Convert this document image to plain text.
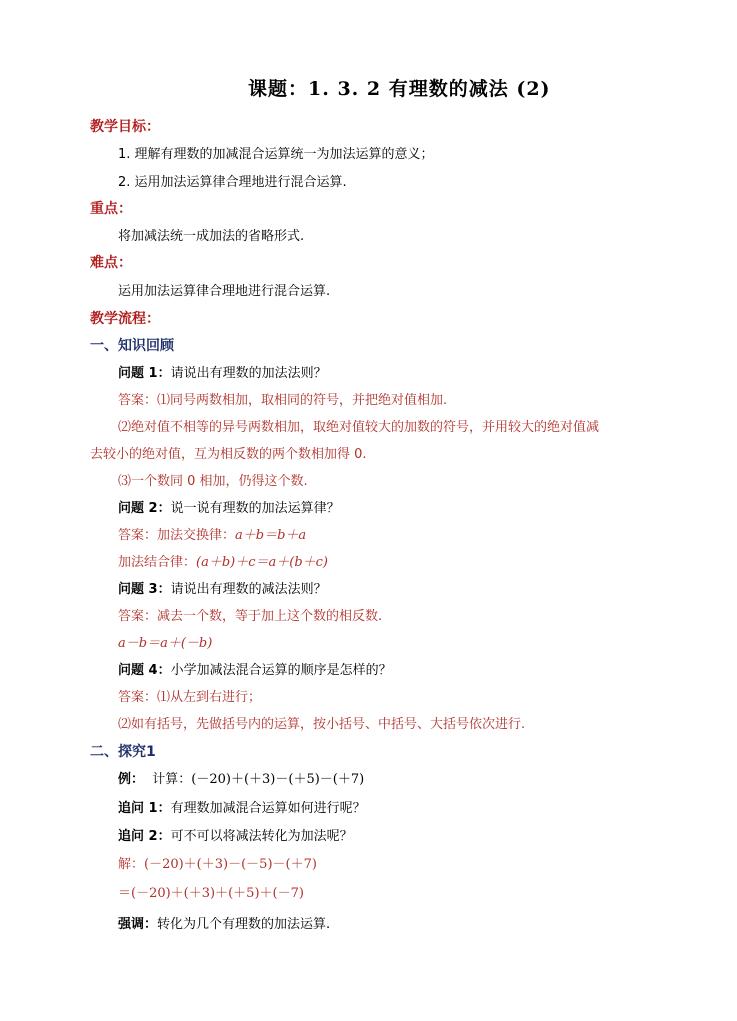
课题：1. 3. 2 有理数的减法 (2)
教学目标：
1. 理解有理数的加减混合运算统一为加法运算的意义；
2. 运用加法运算律合理地进行混合运算.
重点：
将加减法统一成加法的省略形式.
难点：
运用加法运算律合理地进行混合运算.
教学流程：
一、知识回顾
问题 1：请说出有理数的加法法则？
答案：⑴同号两数相加，取相同的符号，并把绝对值相加.
⑵绝对值不相等的异号两数相加，取绝对值较大的加数的符号，并用较大的绝对值减
去较小的绝对值，互为相反数的两个数相加得 0.
⑶一个数同 0 相加，仍得这个数.
问题 2：说一说有理数的加法运算律？
答案：加法交换律：a＋b＝b＋a
加法结合律：(a＋b)＋c＝a＋(b＋c)
问题 3：请说出有理数的减法法则？
答案：减去一个数，等于加上这个数的相反数.
a－b＝a＋(－b)
问题 4：小学加减法混合运算的顺序是怎样的？
答案：⑴从左到右进行；
⑵如有括号，先做括号内的运算，按小括号、中括号、大括号依次进行.
二、探究1
例： 计算：(－20)＋(＋3)－(＋5)－(＋7)
追问 1：有理数加减混合运算如何进行呢？
追问 2：可不可以将减法转化为加法呢？
解：(－20)＋(＋3)－(－5)－(＋7)
＝(－20)＋(＋3)＋(＋5)＋(－7)
强调：转化为几个有理数的加法运算.
